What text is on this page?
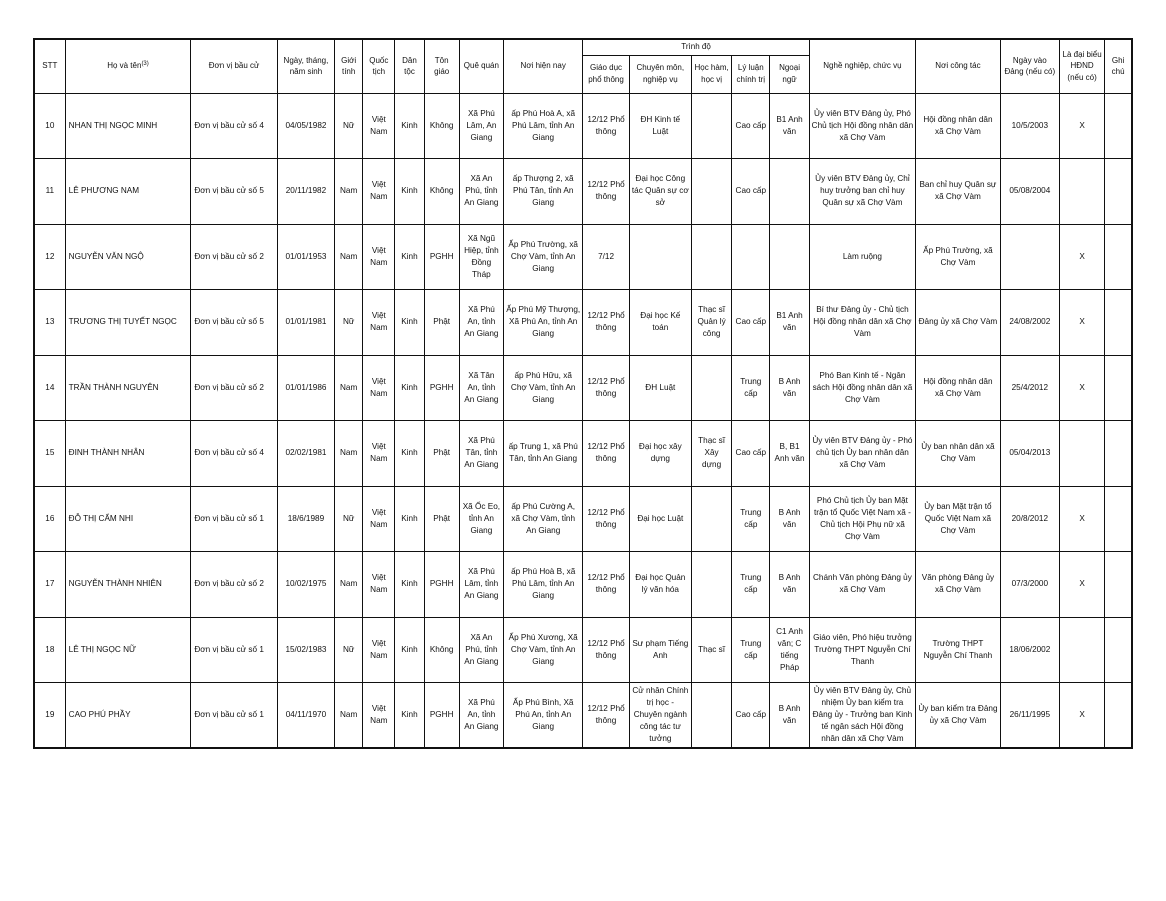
STT	Họ và tên$^{(3)}$	Đơn vị bầu cử	Ngày, tháng, năm sinh	Giới tính	Quốc tịch	Dân tộc	Tôn giáo	Quê quán	Nơi hiện nay	Trình độ					Nghề nghiệp, chức vụ	Nơi công tác	Ngày vào Đảng (nếu có)	Là đại biểu HĐND (nếu có)	Ghi chú
										Giáo dục phổ thông	Chuyên môn, nghiệp vụ	Học hàm, học vị	Lý luận chính trị	Ngoại ngữ					
10	NHAN THỊ NGỌC MINH	Đơn vị bầu cử số 4	04/05/1982	Nữ	Việt Nam	Kinh	Không	Xã Phú Lâm, An Giang	ấp Phú Hoà A, xã Phú Lâm, tỉnh An Giang	12/12 Phổ thông	ĐH Kinh tế Luật		Cao cấp	B1 Anh văn	Ủy viên BTV Đảng ủy, Phó Chủ tịch Hội đồng nhân dân xã Chợ Vàm	Hội đồng nhân dân xã Chợ Vàm	10/5/2003	X	
11	LÊ PHƯƠNG NAM	Đơn vị bầu cử số 5	20/11/1982	Nam	Việt Nam	Kinh	Không	Xã An Phú, tỉnh An Giang	ấp Thượng 2, xã Phú Tân, tỉnh An Giang	12/12 Phổ thông	Đại học Công tác Quân sự cơ sở		Cao cấp		Ủy viên BTV Đảng ủy, Chỉ huy trưởng ban chỉ huy Quân sự xã Chợ Vàm	Ban chỉ huy Quân sự xã Chợ Vàm	05/08/2004		
12	NGUYỄN VĂN NGỘ	Đơn vị bầu cử số 2	01/01/1953	Nam	Việt Nam	Kinh	PGHH	Xã Ngũ Hiệp, tỉnh Đồng Tháp	Ấp Phú Trường, xã Chợ Vàm, tỉnh An Giang	7/12					Làm ruộng	Ấp Phú Trường, xã Chợ Vàm		X	
13	TRƯƠNG THỊ TUYẾT NGỌC	Đơn vị bầu cử số 5	01/01/1981	Nữ	Việt Nam	Kinh	Phật	Xã Phú An, tỉnh An Giang	Ấp Phú Mỹ Thượng, Xã Phú An, tỉnh An Giang	12/12 Phổ thông	Đại học Kế toán	Thạc sĩ Quản lý công	Cao cấp	B1 Anh văn	Bí thư Đảng ủy - Chủ tịch Hội đồng nhân dân xã Chợ Vàm	Đảng ủy xã Chợ Vàm	24/08/2002	X	
14	TRẦN THÀNH NGUYÊN	Đơn vị bầu cử số 2	01/01/1986	Nam	Việt Nam	Kinh	PGHH	Xã Tân An, tỉnh An Giang	ấp Phú Hữu, xã Chợ Vàm, tỉnh An Giang	12/12 Phổ thông	ĐH Luật		Trung cấp	B Anh văn	Phó Ban Kinh tế - Ngân sách Hội đồng nhân dân xã Chợ Vàm	Hội đồng nhân dân xã Chợ Vàm	25/4/2012	X	
15	ĐINH THÀNH NHÂN	Đơn vị bầu cử số 4	02/02/1981	Nam	Việt Nam	Kinh	Phật	Xã Phú Tân, tỉnh An Giang	ấp Trung 1, xã Phú Tân, tỉnh An Giang	12/12 Phổ thông	Đại học xây dựng	Thạc sĩ Xây dựng	Cao cấp	B, B1 Anh văn	Ủy viên BTV Đảng ủy - Phó chủ tịch Ủy ban nhân dân xã Chợ Vàm	Ủy ban nhân dân xã Chợ Vàm	05/04/2013		
16	ĐỖ THỊ CẨM NHI	Đơn vị bầu cử số 1	18/6/1989	Nữ	Việt Nam	Kinh	Phật	Xã Ốc Eo, tỉnh An Giang	ấp Phú Cường A, xã Chợ Vàm, tỉnh An Giang	12/12 Phổ thông	Đại học Luật		Trung cấp	B Anh văn	Phó Chủ tịch Ủy ban Mặt trận tổ Quốc Việt Nam xã - Chủ tịch Hội Phụ nữ xã Chợ Vàm	Ủy ban Mặt trận tổ Quốc Việt Nam xã Chợ Vàm	20/8/2012	X	
17	NGUYỄN THÀNH NHIÊN	Đơn vị bầu cử số 2	10/02/1975	Nam	Việt Nam	Kinh	PGHH	Xã Phú Lâm, tỉnh An Giang	ấp Phú Hoà B, xã Phú Lâm, tỉnh An Giang	12/12 Phổ thông	Đại học Quản lý văn hóa		Trung cấp	B Anh văn	Chánh Văn phòng Đảng ủy xã Chợ Vàm	Văn phòng Đảng ủy xã Chợ Vàm	07/3/2000	X	
18	LÊ THỊ NGỌC NỮ	Đơn vị bầu cử số 1	15/02/1983	Nữ	Việt Nam	Kinh	Không	Xã An Phú, tỉnh An Giang	Ấp Phú Xương, Xã Chợ Vàm, tỉnh An Giang	12/12 Phổ thông	Sư phạm Tiếng Anh	Thạc sĩ	Trung cấp	C1 Anh văn; C tiếng Pháp	Giáo viên, Phó hiệu trưởng Trường THPT Nguyễn Chí Thanh	Trường THPT Nguyễn Chí Thanh	18/06/2002		
19	CAO PHÚ PHẦY	Đơn vị bầu cử số 1	04/11/1970	Nam	Việt Nam	Kinh	PGHH	Xã Phú An, tỉnh An Giang	Ấp Phú Bình, Xã Phú An, tỉnh An Giang	12/12 Phổ thông	Cử nhân Chính trị học - Chuyên ngành công tác tư tưởng		Cao cấp	B Anh văn	Ủy viên BTV Đảng ủy, Chủ nhiệm Ủy ban kiểm tra Đảng ủy - Trưởng ban Kinh tế ngân sách Hội đồng nhân dân xã Chợ Vàm	Ủy ban kiểm tra Đảng ủy xã Chợ Vàm	26/11/1995	X	
